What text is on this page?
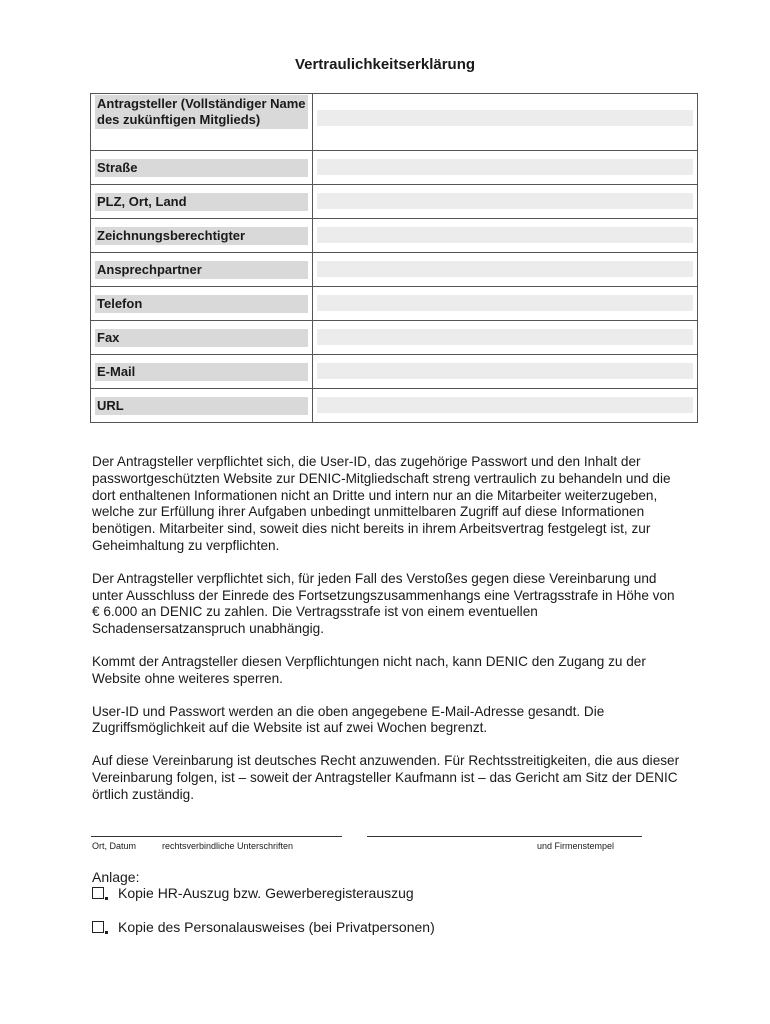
Vertraulichkeitserklärung
Antragsteller (Vollständiger Name des zukünftigen Mitglieds)	

Straße	

PLZ, Ort, Land	

Zeichnungsberechtigter	

Ansprechpartner	

Telefon	

Fax	

E-Mail	

URL	

Der Antragsteller verpflichtet sich, die User-ID, das zugehörige Passwort und den Inhalt der passwortgeschützten Website zur DENIC-Mitgliedschaft streng vertraulich zu behandeln und die dort enthaltenen Informationen nicht an Dritte und intern nur an die Mitarbeiter weiterzugeben, welche zur Erfüllung ihrer Aufgaben unbedingt unmittelbaren Zugriff auf diese Informationen benötigen. Mitarbeiter sind, soweit dies nicht bereits in ihrem Arbeitsvertrag festgelegt ist, zur Geheimhaltung zu verpflichten.

Der Antragsteller verpflichtet sich, für jeden Fall des Verstoßes gegen diese Vereinbarung und unter Ausschluss der Einrede des Fortsetzungszusammenhangs eine Vertragsstrafe in Höhe von € 6.000 an DENIC zu zahlen. Die Vertragsstrafe ist von einem eventuellen Schadensersatzanspruch unabhängig.

Kommt der Antragsteller diesen Verpflichtungen nicht nach, kann DENIC den Zugang zu der Website ohne weiteres sperren.

User-ID und Passwort werden an die oben angegebene E-Mail-Adresse gesandt. Die Zugriffsmöglichkeit auf die Website ist auf zwei Wochen begrenzt.

Auf diese Vereinbarung ist deutsches Recht anzuwenden. Für Rechtsstreitigkeiten, die aus dieser Vereinbarung folgen, ist – soweit der Antragsteller Kaufmann ist – das Gericht am Sitz der DENIC örtlich zuständig.

Ort, Datum	rechtsverbindliche Unterschriften	und Firmenstempel
Anlage:
Kopie HR-Auszug bzw. Gewerberegisterauszug
Kopie des Personalausweises (bei Privatpersonen)
